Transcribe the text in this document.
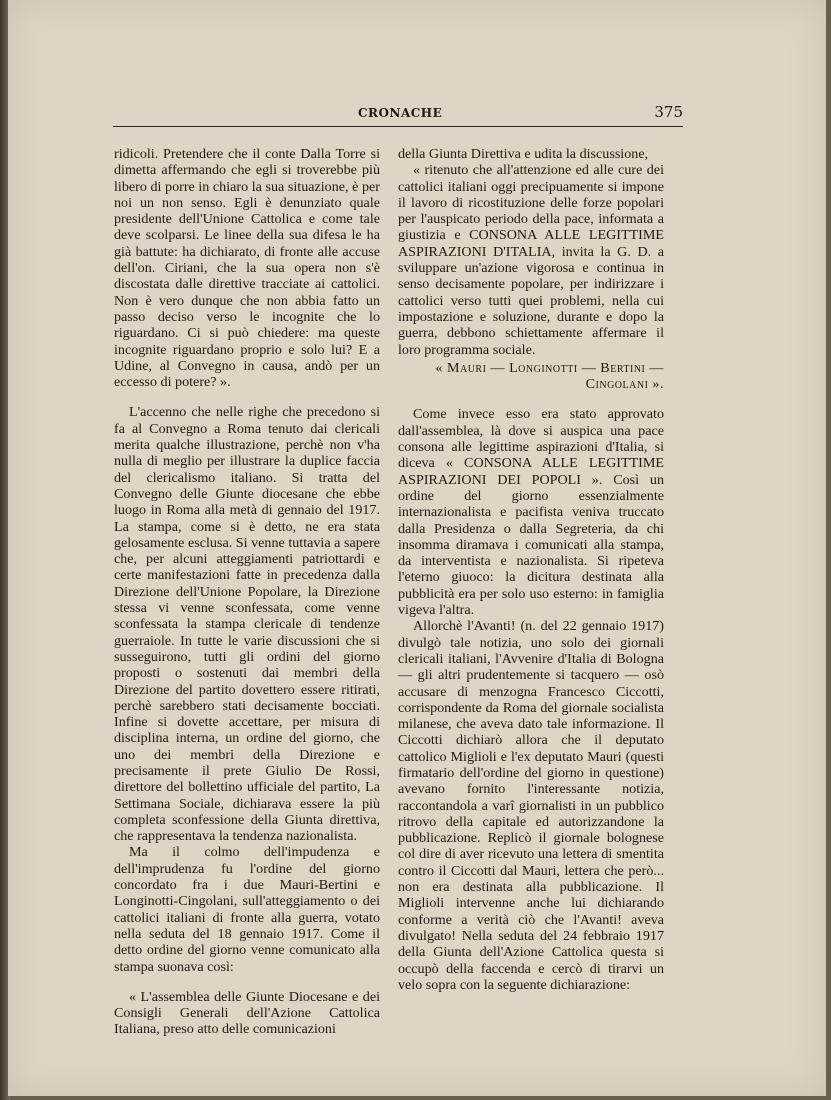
CRONACHE	375

ridicoli. Pretendere che il conte Dalla Torre si dimetta affermando che egli si troverebbe più libero di porre in chiaro la sua situazione, è per noi un non senso. Egli è denunziato quale presidente dell'Unione Cattolica e come tale deve scolparsi. Le linee della sua difesa le ha già battute: ha dichiarato, di fronte alle accuse dell'on. Ciriani, che la sua opera non s'è discostata dalle direttive tracciate ai cattolici. Non è vero dunque che non abbia fatto un passo deciso verso le incognite che lo riguardano. Ci si può chiedere: ma queste incognite riguardano proprio e solo lui? E a Udine, al Convegno in causa, andò per un eccesso di potere? ».

L'accenno che nelle righe che precedono si fa al Convegno a Roma tenuto dai clericali merita qualche illustrazione, perchè non v'ha nulla di meglio per illustrare la duplice faccia del clericalismo italiano. Si tratta del Convegno delle Giunte diocesane che ebbe luogo in Roma alla metà di gennaio del 1917. La stampa, come si è detto, ne era stata gelosamente esclusa. Si venne tuttavia a sapere che, per alcuni atteggiamenti patriottardi e certe manifestazioni fatte in precedenza dalla Direzione dell'Unione Popolare, la Direzione stessa vi venne sconfessata, come venne sconfessata la stampa clericale di tendenze guerraiole. In tutte le varie discussioni che si susseguirono, tutti gli ordini del giorno proposti o sostenuti dai membri della Direzione del partito dovettero essere ritirati, perchè sarebbero stati decisamente bocciati. Infine si dovette accettare, per misura di disciplina interna, un ordine del giorno, che uno dei membri della Direzione e precisamente il prete Giulio De Rossi, direttore del bollettino ufficiale del partito, La Settimana Sociale, dichiarava essere la più completa sconfessione della Giunta direttiva, che rappresentava la tendenza nazionalista.

Ma il colmo dell'impudenza e dell'imprudenza fu l'ordine del giorno concordato fra i due Mauri-Bertini e Longinotti-Cingolani, sull'atteggiamento o dei cattolici italiani di fronte alla guerra, votato nella seduta del 18 gennaio 1917. Come il detto ordine del giorno venne comunicato alla stampa suonava così:

« L'assemblea delle Giunte Diocesane e dei Consigli Generali dell'Azione Cattolica Italiana, preso atto delle comunicazioni

della Giunta Direttiva e udita la discussione,

« ritenuto che all'attenzione ed alle cure dei cattolici italiani oggi precipuamente si impone il lavoro di ricostituzione delle forze popolari per l'auspicato periodo della pace, informata a giustizia e CONSONA ALLE LEGITTIME ASPIRAZIONI D'ITALIA, invita la G. D. a sviluppare un'azione vigorosa e continua in senso decisamente popolare, per indirizzare i cattolici verso tutti quei problemi, nella cui impostazione e soluzione, durante e dopo la guerra, debbono schiettamente affermare il loro programma sociale.

« Mauri — Longinotti — Bertini — Cingolani ».

Come invece esso era stato approvato dall'assemblea, là dove si auspica una pace consona alle legittime aspirazioni d'Italia, si diceva « CONSONA ALLE LEGITTIME ASPIRAZIONI DEI POPOLI ». Così un ordine del giorno essenzialmente internazionalista e pacifista veniva truccato dalla Presidenza o dalla Segreteria, da chi insomma diramava i comunicati alla stampa, da interventista e nazionalista. Si ripeteva l'eterno giuoco: la dicitura destinata alla pubblicità era per solo uso esterno: in famiglia vigeva l'altra.

Allorchè l'Avanti! (n. del 22 gennaio 1917) divulgò tale notizia, uno solo dei giornali clericali italiani, l'Avvenire d'Italia di Bologna — gli altri prudentemente si tacquero — osò accusare di menzogna Francesco Ciccotti, corrispondente da Roma del giornale socialista milanese, che aveva dato tale informazione. Il Ciccotti dichiarò allora che il deputato cattolico Miglioli e l'ex deputato Mauri (questi firmatario dell'ordine del giorno in questione) avevano fornito l'interessante notizia, raccontandola a varî giornalisti in un pubblico ritrovo della capitale ed autorizzandone la pubblicazione. Replicò il giornale bolognese col dire di aver ricevuto una lettera di smentita contro il Ciccotti dal Mauri, lettera che però... non era destinata alla pubblicazione. Il Miglioli intervenne anche lui dichiarando conforme a verità ciò che l'Avanti! aveva divulgato! Nella seduta del 24 febbraio 1917 della Giunta dell'Azione Cattolica questa si occupò della faccenda e cercò di tirarvi un velo sopra con la seguente dichiarazione:
